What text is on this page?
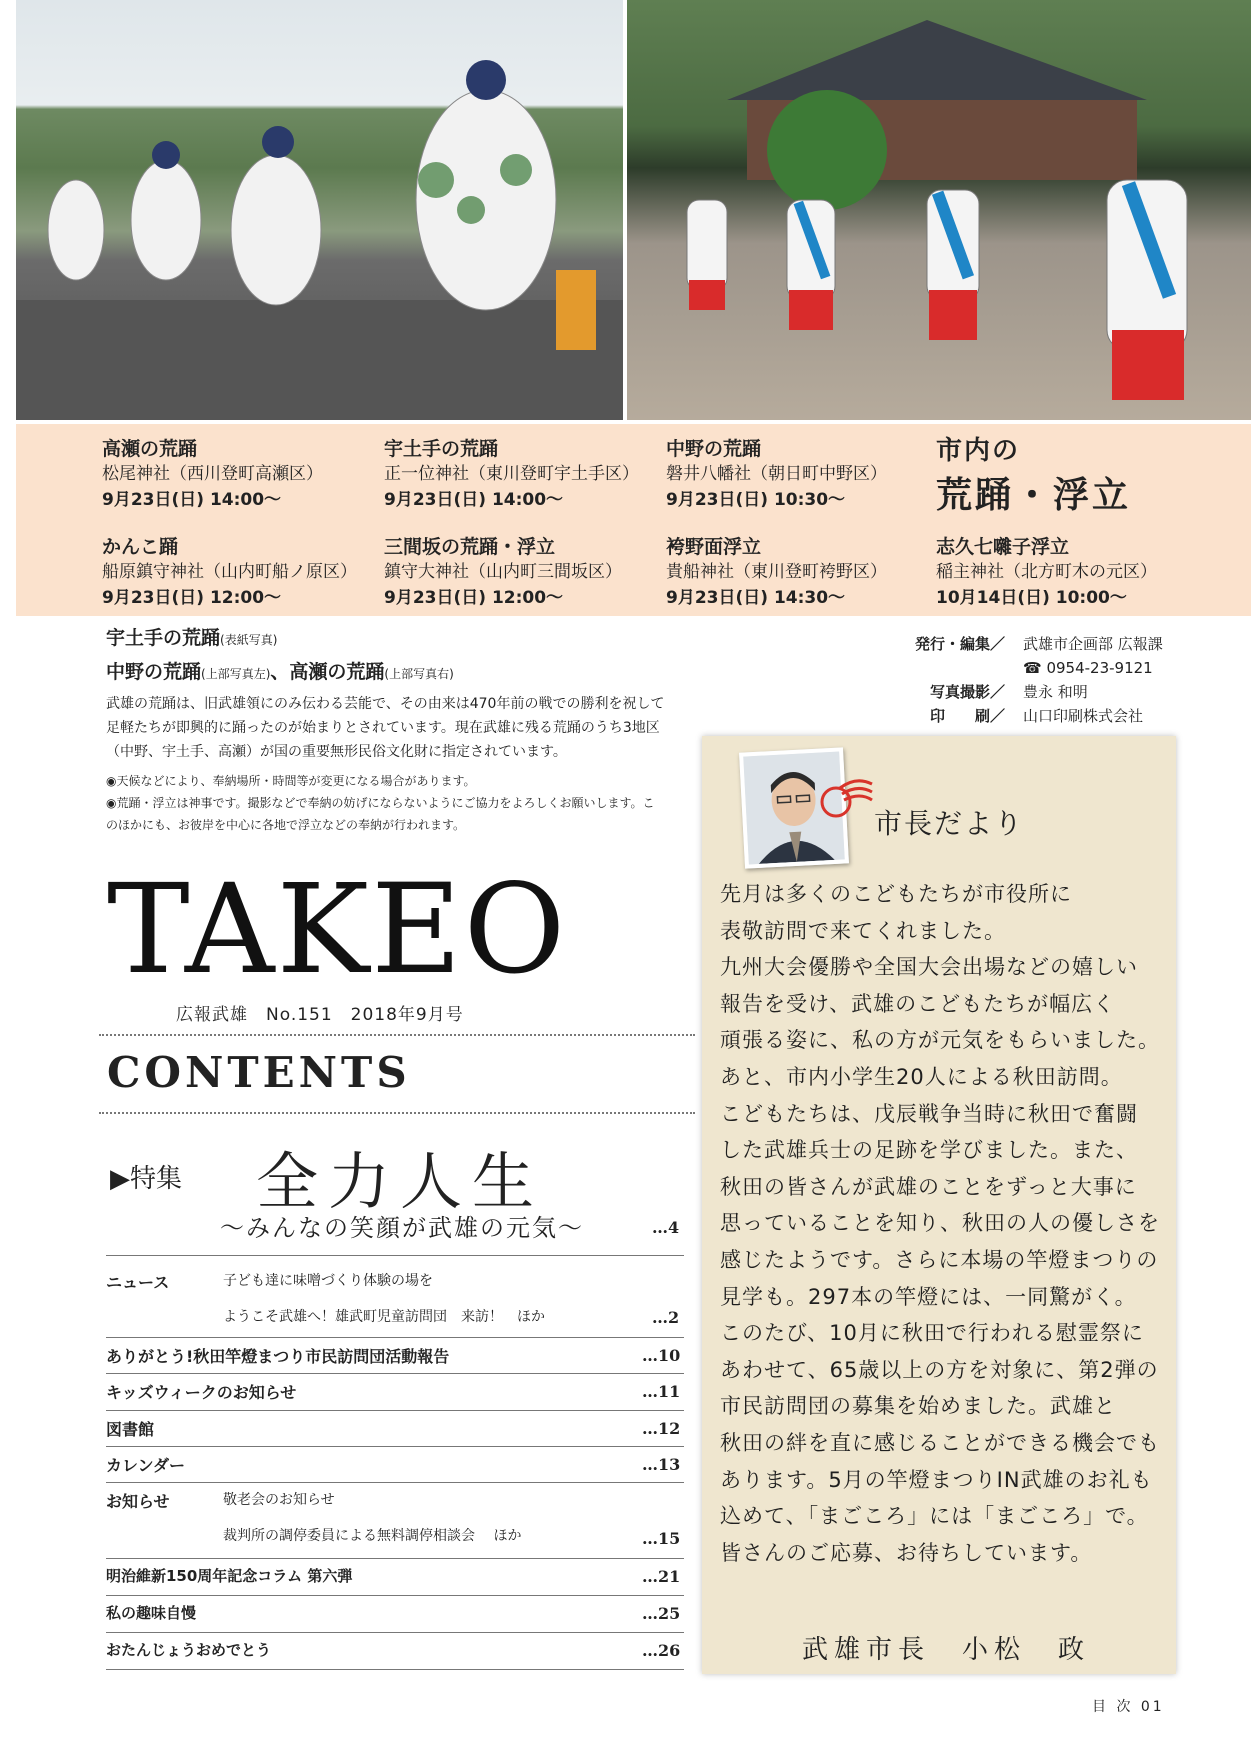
高瀬の荒踊
松尾神社（西川登町高瀬区）
9月23日(日) 14:00〜
宇土手の荒踊
正一位神社（東川登町宇土手区）
9月23日(日) 14:00〜
中野の荒踊
磐井八幡社（朝日町中野区）
9月23日(日) 10:30〜
市内の
荒踊・浮立
かんこ踊
船原鎮守神社（山内町船ノ原区）
9月23日(日) 12:00〜
三間坂の荒踊・浮立
鎮守大神社（山内町三間坂区）
9月23日(日) 12:00〜
袴野面浮立
貴船神社（東川登町袴野区）
9月23日(日) 14:30〜
志久七囃子浮立
稲主神社（北方町木の元区）
10月14日(日) 10:00〜
宇土手の荒踊(表紙写真)
中野の荒踊(上部写真左)、高瀬の荒踊(上部写真右)
武雄の荒踊は、旧武雄領にのみ伝わる芸能で、その由来は470年前の戦での勝利を祝して足軽たちが即興的に踊ったのが始まりとされています。現在武雄に残る荒踊のうち3地区（中野、宇土手、高瀬）が国の重要無形民俗文化財に指定されています。
◉天候などにより、奉納場所・時間等が変更になる場合があります。
◉荒踊・浮立は神事です。撮影などで奉納の妨げにならないようにご協力をよろしくお願いします。このほかにも、お彼岸を中心に各地で浮立などの奉納が行われます。
発行・編集／	武雄市企画部 広報課
☎ 0954-23-9121
写真撮影／	豊永 和明
印　　刷／	山口印刷株式会社
TAKEO
広報武雄　No.151　2018年9月号
CONTENTS
▶特集 全力人生
〜みんなの笑顔が武雄の元気〜	…4
ニュース	子ども達に味噌づくり体験の場を
ようこそ武雄へ！雄武町児童訪問団　来訪！　ほか	…2
ありがとう!秋田竿燈まつり市民訪問団活動報告	…10
キッズウィークのお知らせ	…11
図書館	…12
カレンダー	…13
お知らせ	敬老会のお知らせ
裁判所の調停委員による無料調停相談会　 ほか	…15
明治維新150周年記念コラム 第六弾	…21
私の趣味自慢	…25
おたんじょうおめでとう	…26
市長だより
先月は多くのこどもたちが市役所に
表敬訪問で来てくれました。
九州大会優勝や全国大会出場などの嬉しい
報告を受け、武雄のこどもたちが幅広く
頑張る姿に、私の方が元気をもらいました。
あと、市内小学生20人による秋田訪問。
こどもたちは、戊辰戦争当時に秋田で奮闘
した武雄兵士の足跡を学びました。また、
秋田の皆さんが武雄のことをずっと大事に
思っていることを知り、秋田の人の優しさを
感じたようです。さらに本場の竿燈まつりの
見学も。297本の竿燈には、一同驚がく。
このたび、10月に秋田で行われる慰霊祭に
あわせて、65歳以上の方を対象に、第2弾の
市民訪問団の募集を始めました。武雄と
秋田の絆を直に感じることができる機会でも
あります。5月の竿燈まつりIN武雄のお礼も
込めて、「まごころ」には「まごころ」で。
皆さんのご応募、お待ちしています。
武雄市長　小松　政
目 次 01
